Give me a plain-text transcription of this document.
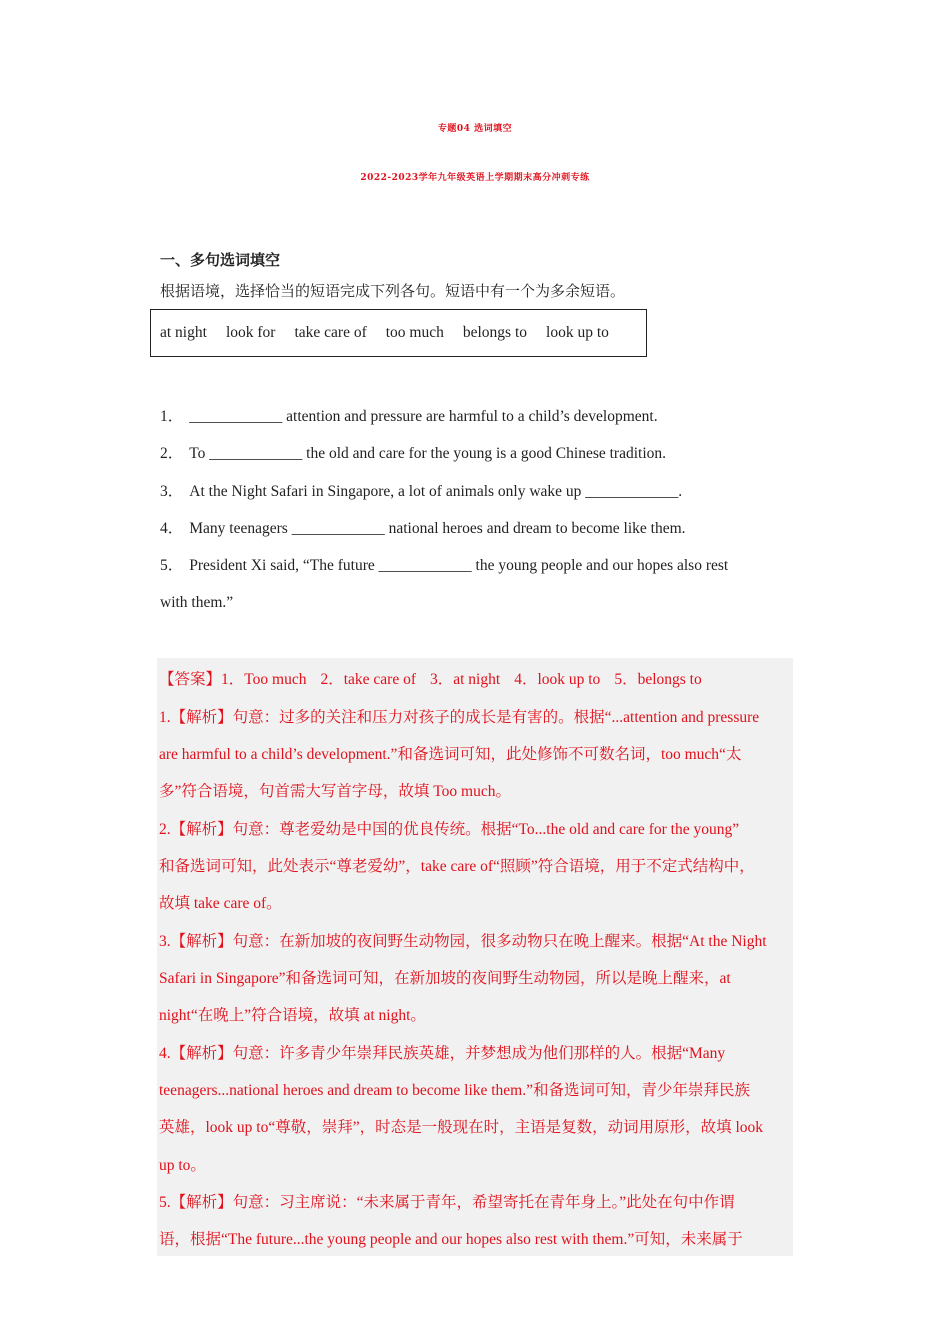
专题04 选词填空
2022-2023学年九年级英语上学期期末高分冲刺专练
一、多句选词填空
根据语境，选择恰当的短语完成下列各句。短语中有一个为多余短语。
at night look for take care of too much belongs to look up to
1． ____________ attention and pressure are harmful to a child’s development.
2． To ____________ the old and care for the young is a good Chinese tradition.
3． At the Night Safari in Singapore, a lot of animals only wake up ____________.
4． Many teenagers ____________ national heroes and dream to become like them.
5． President Xi said, “The future ____________ the young people and our hopes also rest
with them.”
【答案】1．Too much 2．take care of 3．at night 4．look up to 5．belongs to
1.【解析】句意：过多的关注和压力对孩子的成长是有害的。根据“...attention and pressure
are harmful to a child’s development.”和备选词可知，此处修饰不可数名词，too much“太
多”符合语境，句首需大写首字母，故填 Too much。
2.【解析】句意：尊老爱幼是中国的优良传统。根据“To...the old and care for the young”
和备选词可知，此处表示“尊老爱幼”，take care of“照顾”符合语境，用于不定式结构中，
故填 take care of。
3.【解析】句意：在新加坡的夜间野生动物园，很多动物只在晚上醒来。根据“At the Night
Safari in Singapore”和备选词可知，在新加坡的夜间野生动物园，所以是晚上醒来，at
night“在晚上”符合语境，故填 at night。
4.【解析】句意：许多青少年崇拜民族英雄，并梦想成为他们那样的人。根据“Many
teenagers...national heroes and dream to become like them.”和备选词可知，青少年崇拜民族
英雄，look up to“尊敬，崇拜”，时态是一般现在时，主语是复数，动词用原形，故填 look
up to。
5.【解析】句意：习主席说：“未来属于青年，希望寄托在青年身上。”此处在句中作谓
语，根据“The future...the young people and our hopes also rest with them.”可知，未来属于
